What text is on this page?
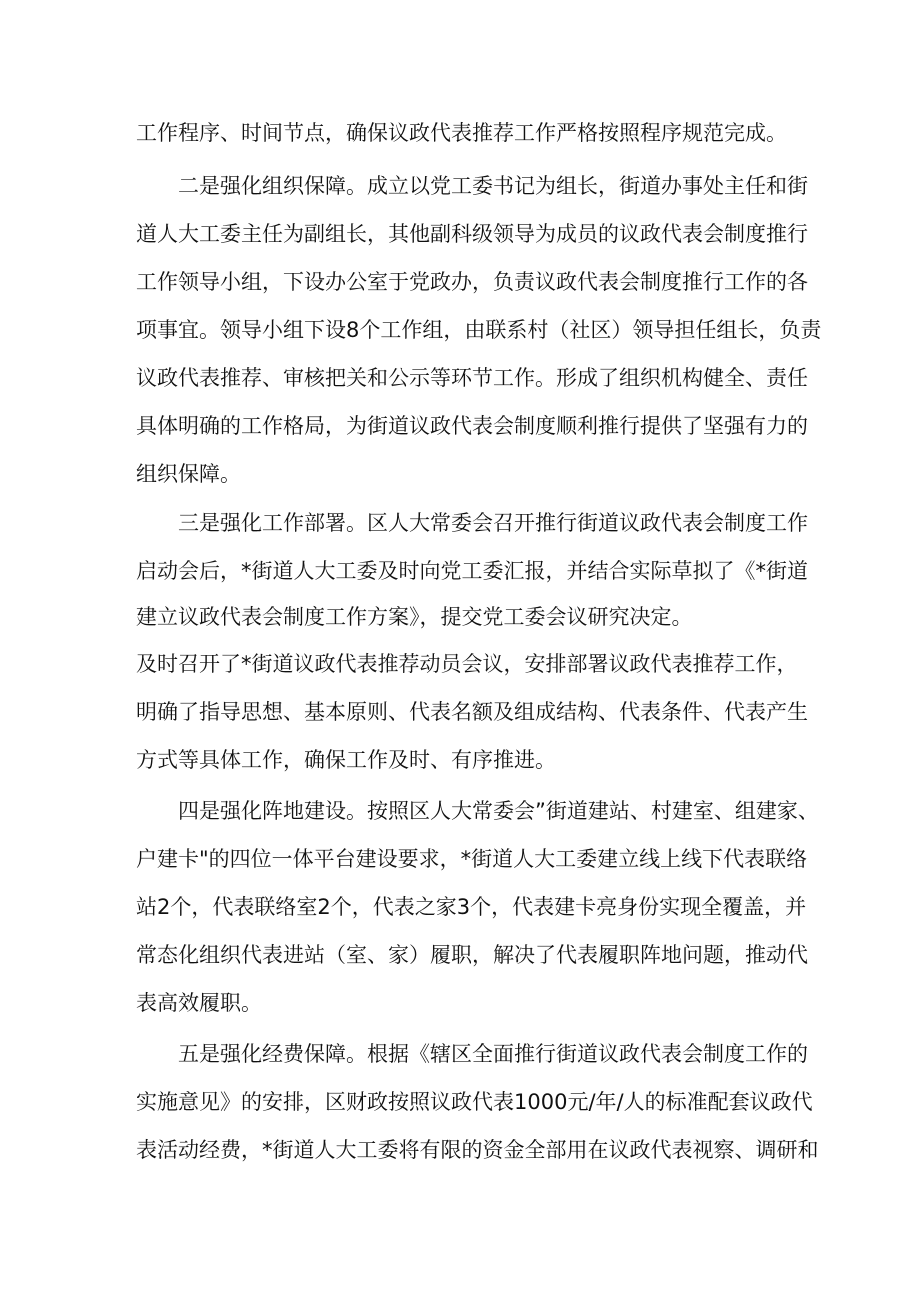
工作程序、时间节点，确保议政代表推荐工作严格按照程序规范完成。
二是强化组织保障。成立以党工委书记为组长，街道办事处主任和街
道人大工委主任为副组长，其他副科级领导为成员的议政代表会制度推行
工作领导小组，下设办公室于党政办，负责议政代表会制度推行工作的各
项事宜。领导小组下设8个工作组，由联系村（社区）领导担任组长，负责
议政代表推荐、审核把关和公示等环节工作。形成了组织机构健全、责任
具体明确的工作格局，为街道议政代表会制度顺利推行提供了坚强有力的
组织保障。
三是强化工作部署。区人大常委会召开推行街道议政代表会制度工作
启动会后，*街道人大工委及时向党工委汇报，并结合实际草拟了《*街道
建立议政代表会制度工作方案》，提交党工委会议研究决定。
及时召开了*街道议政代表推荐动员会议，安排部署议政代表推荐工作，
明确了指导思想、基本原则、代表名额及组成结构、代表条件、代表产生
方式等具体工作，确保工作及时、有序推进。
四是强化阵地建设。按照区人大常委会”街道建站、村建室、组建家、
户建卡"的四位一体平台建设要求，*街道人大工委建立线上线下代表联络
站2个，代表联络室2个，代表之家3个，代表建卡亮身份实现全覆盖，并
常态化组织代表进站（室、家）履职，解决了代表履职阵地问题，推动代
表高效履职。
五是强化经费保障。根据《辖区全面推行街道议政代表会制度工作的
实施意见》的安排，区财政按照议政代表1000元/年/人的标准配套议政代
表活动经费，*街道人大工委将有限的资金全部用在议政代表视察、调研和
